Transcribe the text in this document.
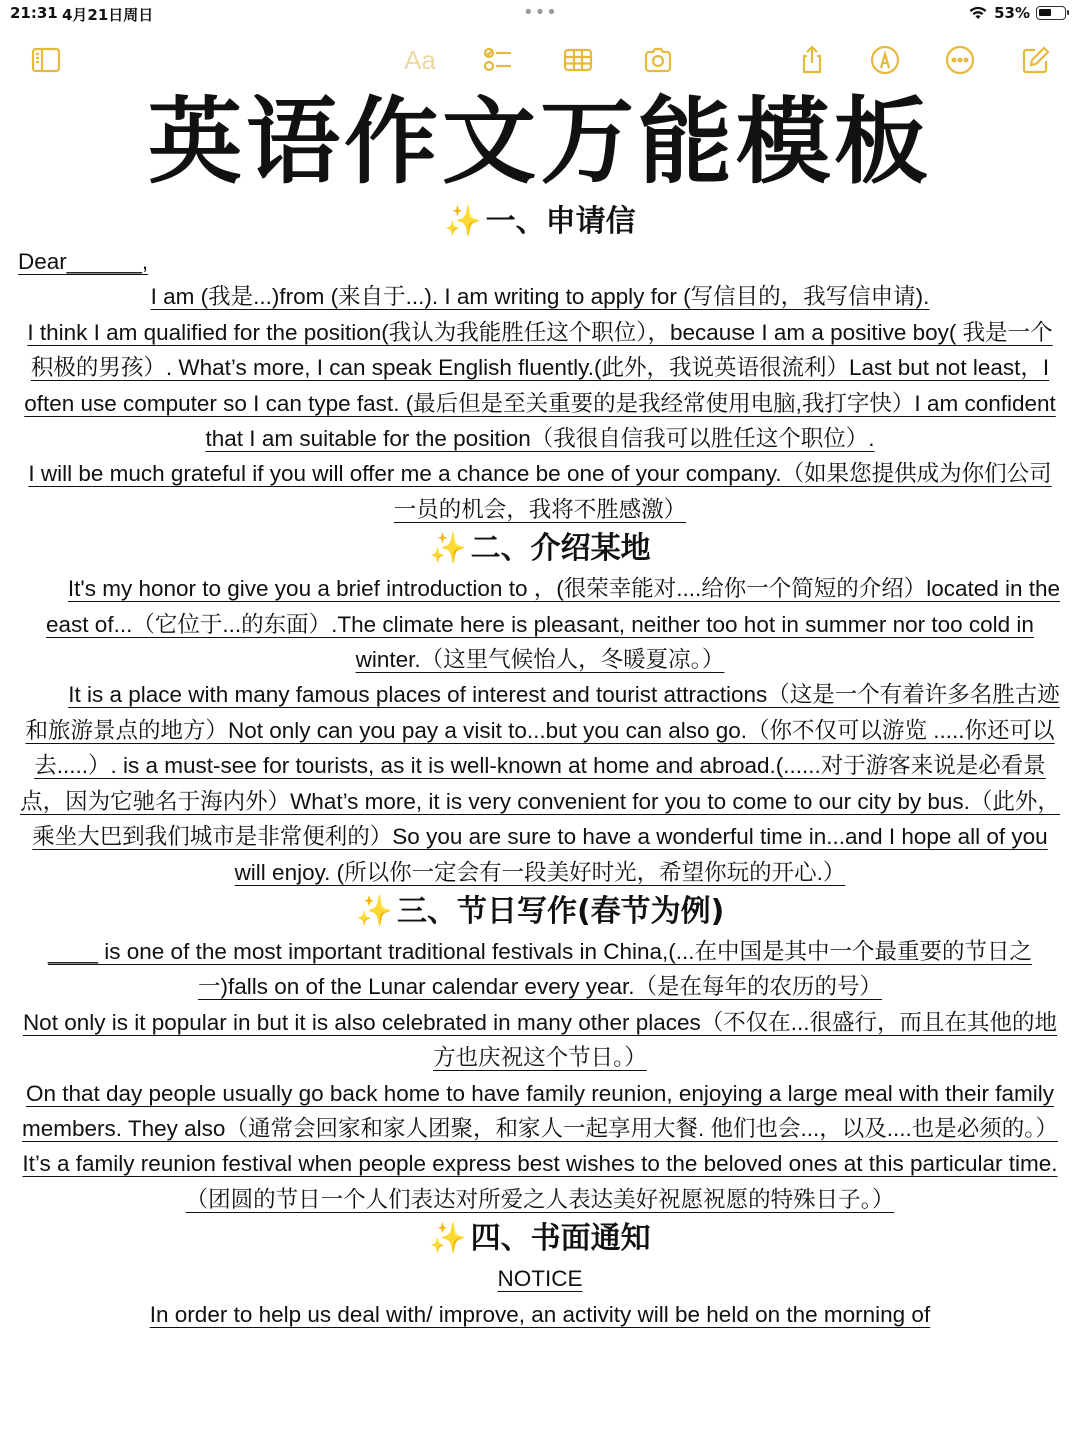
21:31 4月21日周日	•••	53%
Aa
英语作文万能模板
✨ 一、申请信
Dear______,
I am (我是...)from (来自于...). I am writing to apply for (写信目的，我写信申请).
I think I am qualified for the position(我认为我能胜任这个职位），because I am a positive boy( 我是一个积极的男孩）. What’s more, I can speak English fluently.(此外，我说英语很流利）Last but not least，I often use computer so I can type fast. (最后但是至关重要的是我经常使用电脑,我打字快）I am confident that I am suitable for the position（我很自信我可以胜任这个职位）.
I will be much grateful if you will offer me a chance be one of your company.（如果您提供成为你们公司一员的机会，我将不胜感激）
✨ 二、介绍某地
It's my honor to give you a brief introduction to ，(很荣幸能对....给你一个简短的介绍）located in the east of...（它位于...的东面）.The climate here is pleasant, neither too hot in summer nor too cold in winter.（这里气候怡人，冬暖夏凉。）
It is a place with many famous places of interest and tourist attractions（这是一个有着许多名胜古迹和旅游景点的地方）Not only can you pay a visit to...but you can also go.（你不仅可以游览 .....你还可以去.....）. is a must-see for tourists, as it is well-known at home and abroad.(......对于游客来说是必看景点，因为它驰名于海内外）What’s more, it is very convenient for you to come to our city by bus.（此外，乘坐大巴到我们城市是非常便利的）So you are sure to have a wonderful time in...and I hope all of you will enjoy. (所以你一定会有一段美好时光，希望你玩的开心.）
✨ 三、节日写作(春节为例)
____ is one of the most important traditional festivals in China,(...在中国是其中一个最重要的节日之一)falls on of the Lunar calendar every year.（是在每年的农历的号）
Not only is it popular in but it is also celebrated in many other places（不仅在...很盛行，而且在其他的地方也庆祝这个节日。）
On that day people usually go back home to have family reunion, enjoying a large meal with their family members. They also（通常会回家和家人团聚，和家人一起享用大餐. 他们也会...，以及....也是必须的。）
It’s a family reunion festival when people express best wishes to the beloved ones at this particular time.（团圆的节日一个人们表达对所爱之人表达美好祝愿祝愿的特殊日子。）
✨ 四、书面通知
NOTICE
In order to help us deal with/ improve, an activity will be held on the morning of
